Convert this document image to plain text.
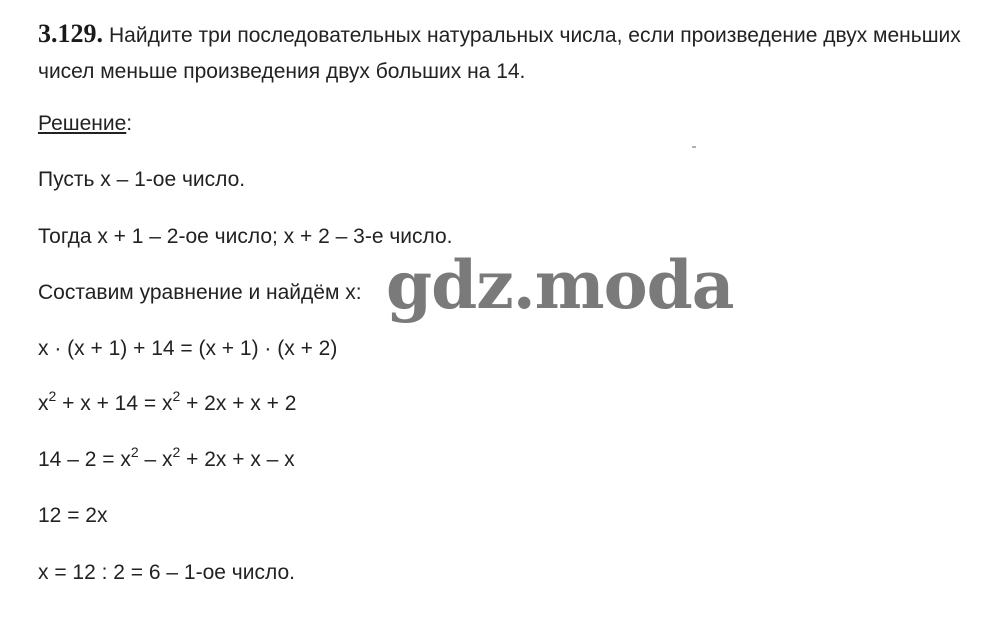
3.129. Найдите три последовательных натуральных числа, если произведение двух меньших чисел меньше произведения двух больших на 14.
Решение:
Пусть х – 1-ое число.
Тогда х + 1 – 2-ое число; х + 2 – 3-е число.
Составим уравнение и найдём х:
х · (х + 1) + 14 = (х + 1) · (х + 2)
$х^2 + х + 14 = х^2 + 2х + х + 2$
$14 - 2 = х^2 - х^2 + 2х + х - х$
12 = 2х
х = 12 : 2 = 6 – 1-ое число.
gdz.moda
